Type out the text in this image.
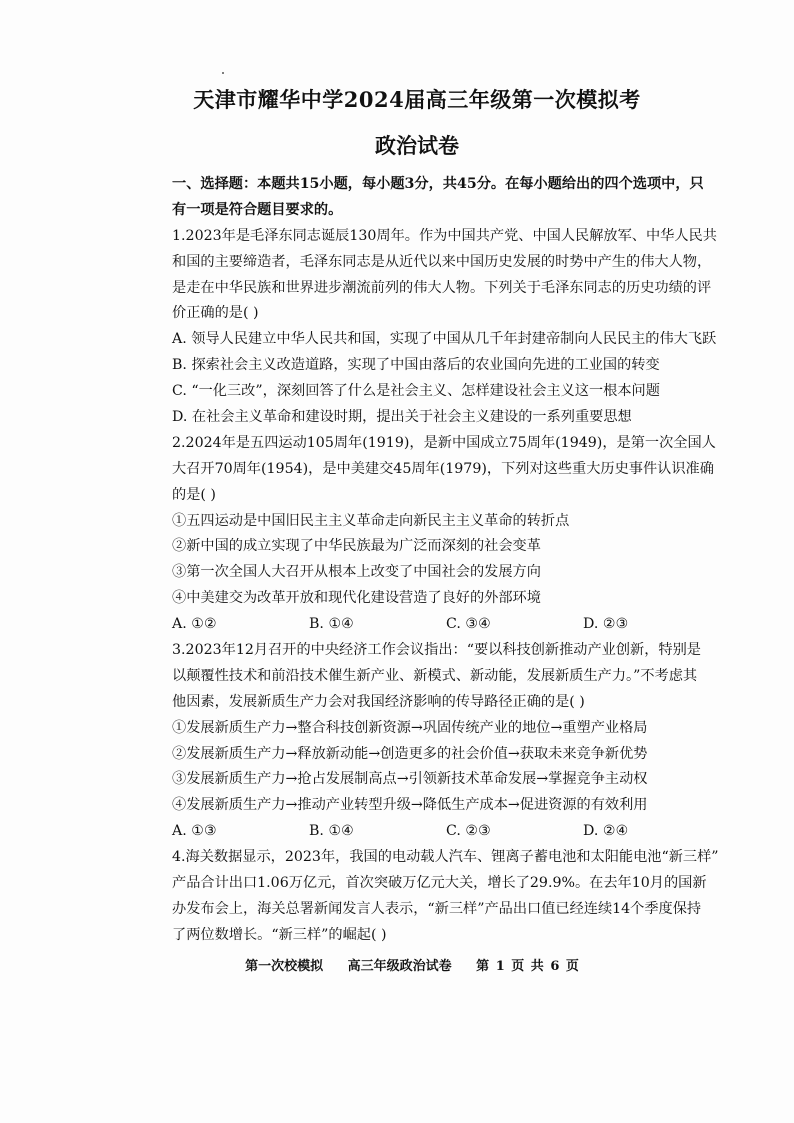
天津市耀华中学2024届高三年级第一次模拟考
政治试卷
一、选择题：本题共15小题，每小题3分，共45分。在每小题给出的四个选项中，只
有一项是符合题目要求的。
1.2023年是毛泽东同志诞辰130周年。作为中国共产党、中国人民解放军、中华人民共
和国的主要缔造者，毛泽东同志是从近代以来中国历史发展的时势中产生的伟大人物，
是走在中华民族和世界进步潮流前列的伟大人物。下列关于毛泽东同志的历史功绩的评
价正确的是( )
A. 领导人民建立中华人民共和国，实现了中国从几千年封建帝制向人民民主的伟大飞跃
B. 探索社会主义改造道路，实现了中国由落后的农业国向先进的工业国的转变
C. “一化三改”，深刻回答了什么是社会主义、怎样建设社会主义这一根本问题
D. 在社会主义革命和建设时期，提出关于社会主义建设的一系列重要思想
2.2024年是五四运动105周年(1919)，是新中国成立75周年(1949)，是第一次全国人
大召开70周年(1954)，是中美建交45周年(1979)，下列对这些重大历史事件认识准确
的是( )
①五四运动是中国旧民主主义革命走向新民主主义革命的转折点
②新中国的成立实现了中华民族最为广泛而深刻的社会变革
③第一次全国人大召开从根本上改变了中国社会的发展方向
④中美建交为改革开放和现代化建设营造了良好的外部环境
A. ①②	B. ①④	C. ③④	D. ②③
3.2023年12月召开的中央经济工作会议指出：“要以科技创新推动产业创新，特别是
以颠覆性技术和前沿技术催生新产业、新模式、新动能，发展新质生产力。”不考虑其
他因素，发展新质生产力会对我国经济影响的传导路径正确的是( )
①发展新质生产力→整合科技创新资源→巩固传统产业的地位→重塑产业格局
②发展新质生产力→释放新动能→创造更多的社会价值→获取未来竞争新优势
③发展新质生产力→抢占发展制高点→引领新技术革命发展→掌握竞争主动权
④发展新质生产力→推动产业转型升级→降低生产成本→促进资源的有效利用
A. ①③	B. ①④	C. ②③	D. ②④
4.海关数据显示，2023年，我国的电动载人汽车、锂离子蓄电池和太阳能电池“新三样”
产品合计出口1.06万亿元，首次突破万亿元大关，增长了29.9%。在去年10月的国新
办发布会上，海关总署新闻发言人表示，“新三样”产品出口值已经连续14个季度保持
了两位数增长。“新三样”的崛起( )
第一次校模拟 高三年级政治试卷 第 1 页 共 6 页
